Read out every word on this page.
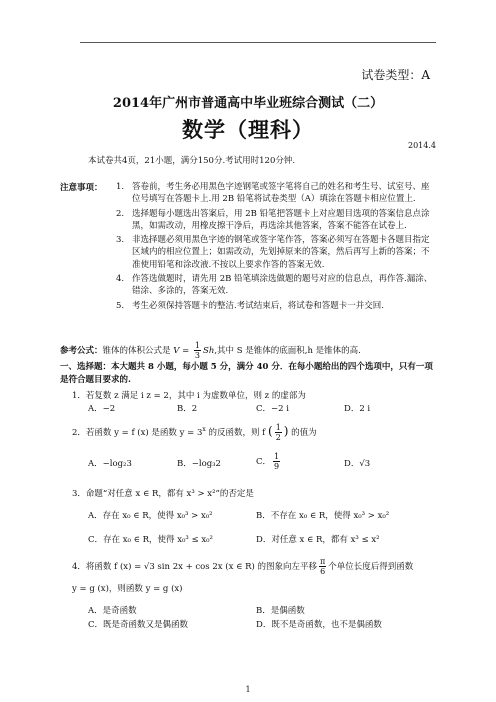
试卷类型：A
2014年广州市普通高中毕业班综合测试（二）
数学（理科）
2014.4
本试卷共4页，21小题，满分150分.考试用时120分钟.
注意事项： 1. 答卷前，考生务必用黑色字迹钢笔或签字笔将自己的姓名和考生号、试室号、座位号填写在答题卡上.用 2B 铅笔将试卷类型（A）填涂在答题卡相应位置上.
2. 选择题每小题选出答案后，用 2B 铅笔把答题卡上对应题目选项的答案信息点涂黑，如需改动，用橡皮擦干净后，再选涂其他答案，答案不能答在试卷上.
3. 非选择题必须用黑色字迹的钢笔或签字笔作答，答案必须写在答题卡各题目指定区域内的相应位置上；如需改动，先划掉原来的答案，然后再写上新的答案；不准使用铅笔和涂改液.不按以上要求作答的答案无效.
4. 作答选做题时，请先用 2B 铅笔填涂选做题的题号对应的信息点，再作答.漏涂、错涂、多涂的，答案无效.
5. 考生必须保持答题卡的整洁.考试结束后，将试卷和答题卡一并交回.
参考公式：锥体的体积公式是 $V = \frac{1}{3} Sh$,其中 S 是锥体的底面积,h 是锥体的高.
一、选择题：本大题共 8 小题，每小题 5 分，满分 40 分．在每小题给出的四个选项中，只有一项是符合题目要求的.
1．若复数 z 满足 i z = 2，其中 i 为虚数单位，则 z 的虚部为
A．−2	B．2	C．−2 i	D．2 i
2．若函数 y = f (x) 是函数 $y = 3^x$ 的反函数，则 f ( $\frac{1}{2}$ ) 的值为
A．−log₂3	B．−log₃2	C． $\frac{1}{9}$	D．√3
3．命题“对任意 x ∈ R，都有 x³ > x²”的否定是
A．存在 x₀ ∈ R，使得 x₀³ > x₀²	B．不存在 x₀ ∈ R，使得 x₀³ > x₀²
C．存在 x₀ ∈ R，使得 x₀³ ≤ x₀²	D．对任意 x ∈ R，都有 x³ ≤ x²
4．将函数 f (x) = √3 sin 2x + cos 2x (x ∈ R) 的图象向左平移 $\frac{\pi}{6}$ 个单位长度后得到函数
y = g (x)，则函数 y = g (x)
A．是奇函数	B．是偶函数
C．既是奇函数又是偶函数	D．既不是奇函数，也不是偶函数
1
